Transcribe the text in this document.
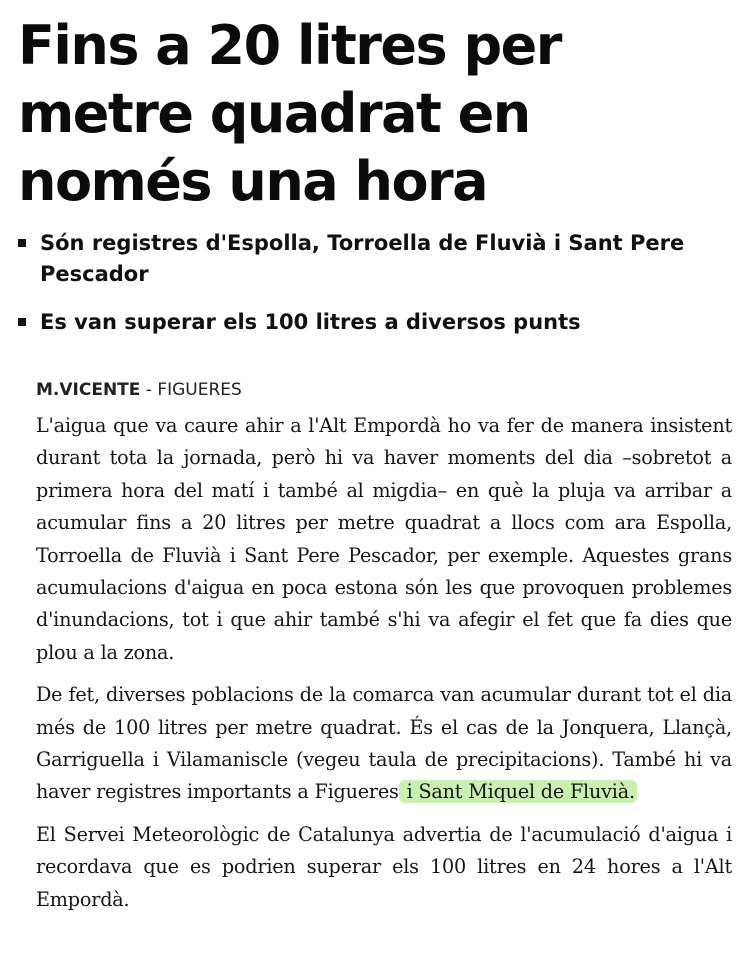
Fins a 20 litres per metre quadrat en només una hora
Són registres d'Espolla, Torroella de Fluvià i Sant Pere Pescador
Es van superar els 100 litres a diversos punts

M.VICENTE - FIGUERES

L'aigua que va caure ahir a l'Alt Empordà ho va fer de manera insistent durant tota la jornada, però hi va haver moments del dia –sobretot a primera hora del matí i també al migdia– en què la pluja va arribar a acumular fins a 20 litres per metre quadrat a llocs com ara Espolla, Torroella de Fluvià i Sant Pere Pescador, per exemple. Aquestes grans acumulacions d'aigua en poca estona són les que provoquen problemes d'inundacions, tot i que ahir també s'hi va afegir el fet que fa dies que plou a la zona.

De fet, diverses poblacions de la comarca van acumular durant tot el dia més de 100 litres per metre quadrat. És el cas de la Jonquera, Llançà, Garriguella i Vilamaniscle (vegeu taula de precipitacions). També hi va haver registres importants a Figueres i Sant Miquel de Fluvià.

El Servei Meteorològic de Catalunya advertia de l'acumulació d'aigua i recordava que es podrien superar els 100 litres en 24 hores a l'Alt Empordà.
